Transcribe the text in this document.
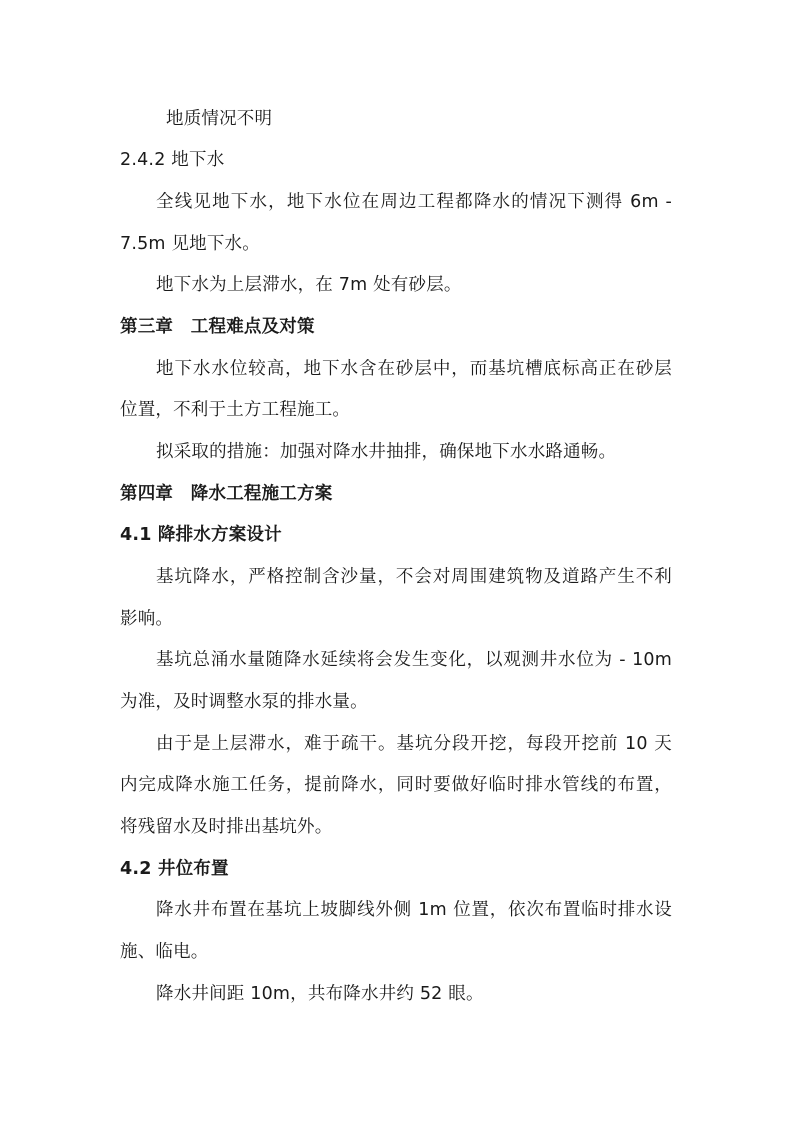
地质情况不明
2.4.2 地下水
全线见地下水，地下水位在周边工程都降水的情况下测得 6m -
7.5m 见地下水。
地下水为上层滞水，在 7m 处有砂层。
第三章　工程难点及对策
地下水水位较高，地下水含在砂层中，而基坑槽底标高正在砂层
位置，不利于土方工程施工。
拟采取的措施：加强对降水井抽排，确保地下水水路通畅。
第四章　降水工程施工方案
4.1 降排水方案设计
基坑降水，严格控制含沙量，不会对周围建筑物及道路产生不利
影响。
基坑总涌水量随降水延续将会发生变化，以观测井水位为 - 10m
为准，及时调整水泵的排水量。
由于是上层滞水，难于疏干。基坑分段开挖，每段开挖前 10 天
内完成降水施工任务，提前降水，同时要做好临时排水管线的布置，
将残留水及时排出基坑外。
4.2 井位布置
降水井布置在基坑上坡脚线外侧 1m 位置，依次布置临时排水设
施、临电。
降水井间距 10m，共布降水井约 52 眼。
